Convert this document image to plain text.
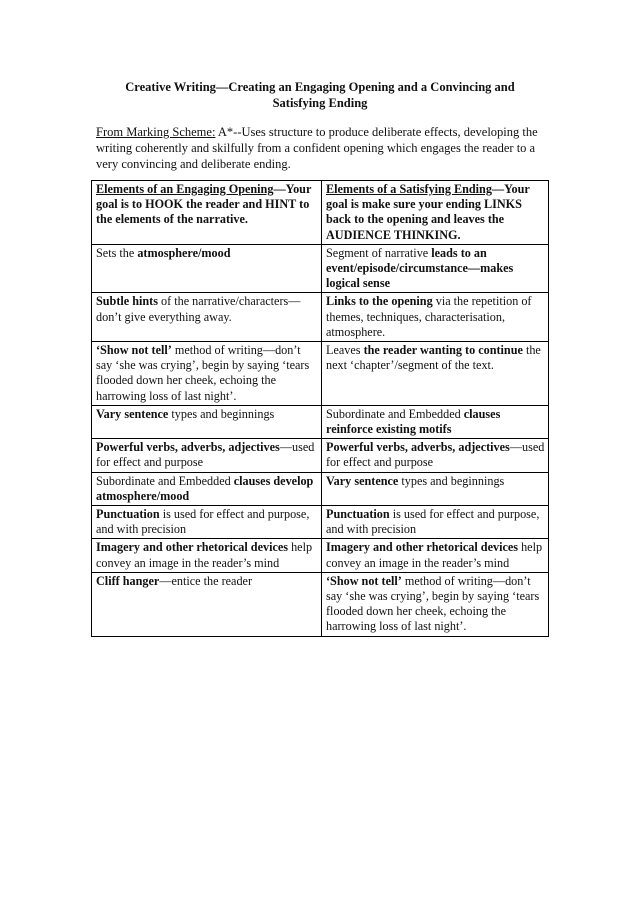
Creative Writing—Creating an Engaging Opening and a Convincing and Satisfying Ending
From Marking Scheme: A*--Uses structure to produce deliberate effects, developing the writing coherently and skilfully from a confident opening which engages the reader to a very convincing and deliberate ending.
Elements of an Engaging Opening—Your goal is to HOOK the reader and HINT to the elements of the narrative.	Elements of a Satisfying Ending—Your goal is make sure your ending LINKS back to the opening and leaves the AUDIENCE THINKING.
Sets the atmosphere/mood	Segment of narrative leads to an event/episode/circumstance—makes logical sense
Subtle hints of the narrative/characters—don’t give everything away.	Links to the opening via the repetition of themes, techniques, characterisation, atmosphere.
‘Show not tell’ method of writing—don’t say ‘she was crying’, begin by saying ‘tears flooded down her cheek, echoing the harrowing loss of last night’.	Leaves the reader wanting to continue the next ‘chapter’/segment of the text.
Vary sentence types and beginnings	Subordinate and Embedded clauses reinforce existing motifs
Powerful verbs, adverbs, adjectives—used for effect and purpose	Powerful verbs, adverbs, adjectives—used for effect and purpose
Subordinate and Embedded clauses develop atmosphere/mood	Vary sentence types and beginnings
Punctuation is used for effect and purpose, and with precision	Punctuation is used for effect and purpose, and with precision
Imagery and other rhetorical devices help convey an image in the reader’s mind	Imagery and other rhetorical devices help convey an image in the reader’s mind
Cliff hanger—entice the reader	‘Show not tell’ method of writing—don’t say ‘she was crying’, begin by saying ‘tears flooded down her cheek, echoing the harrowing loss of last night’.
